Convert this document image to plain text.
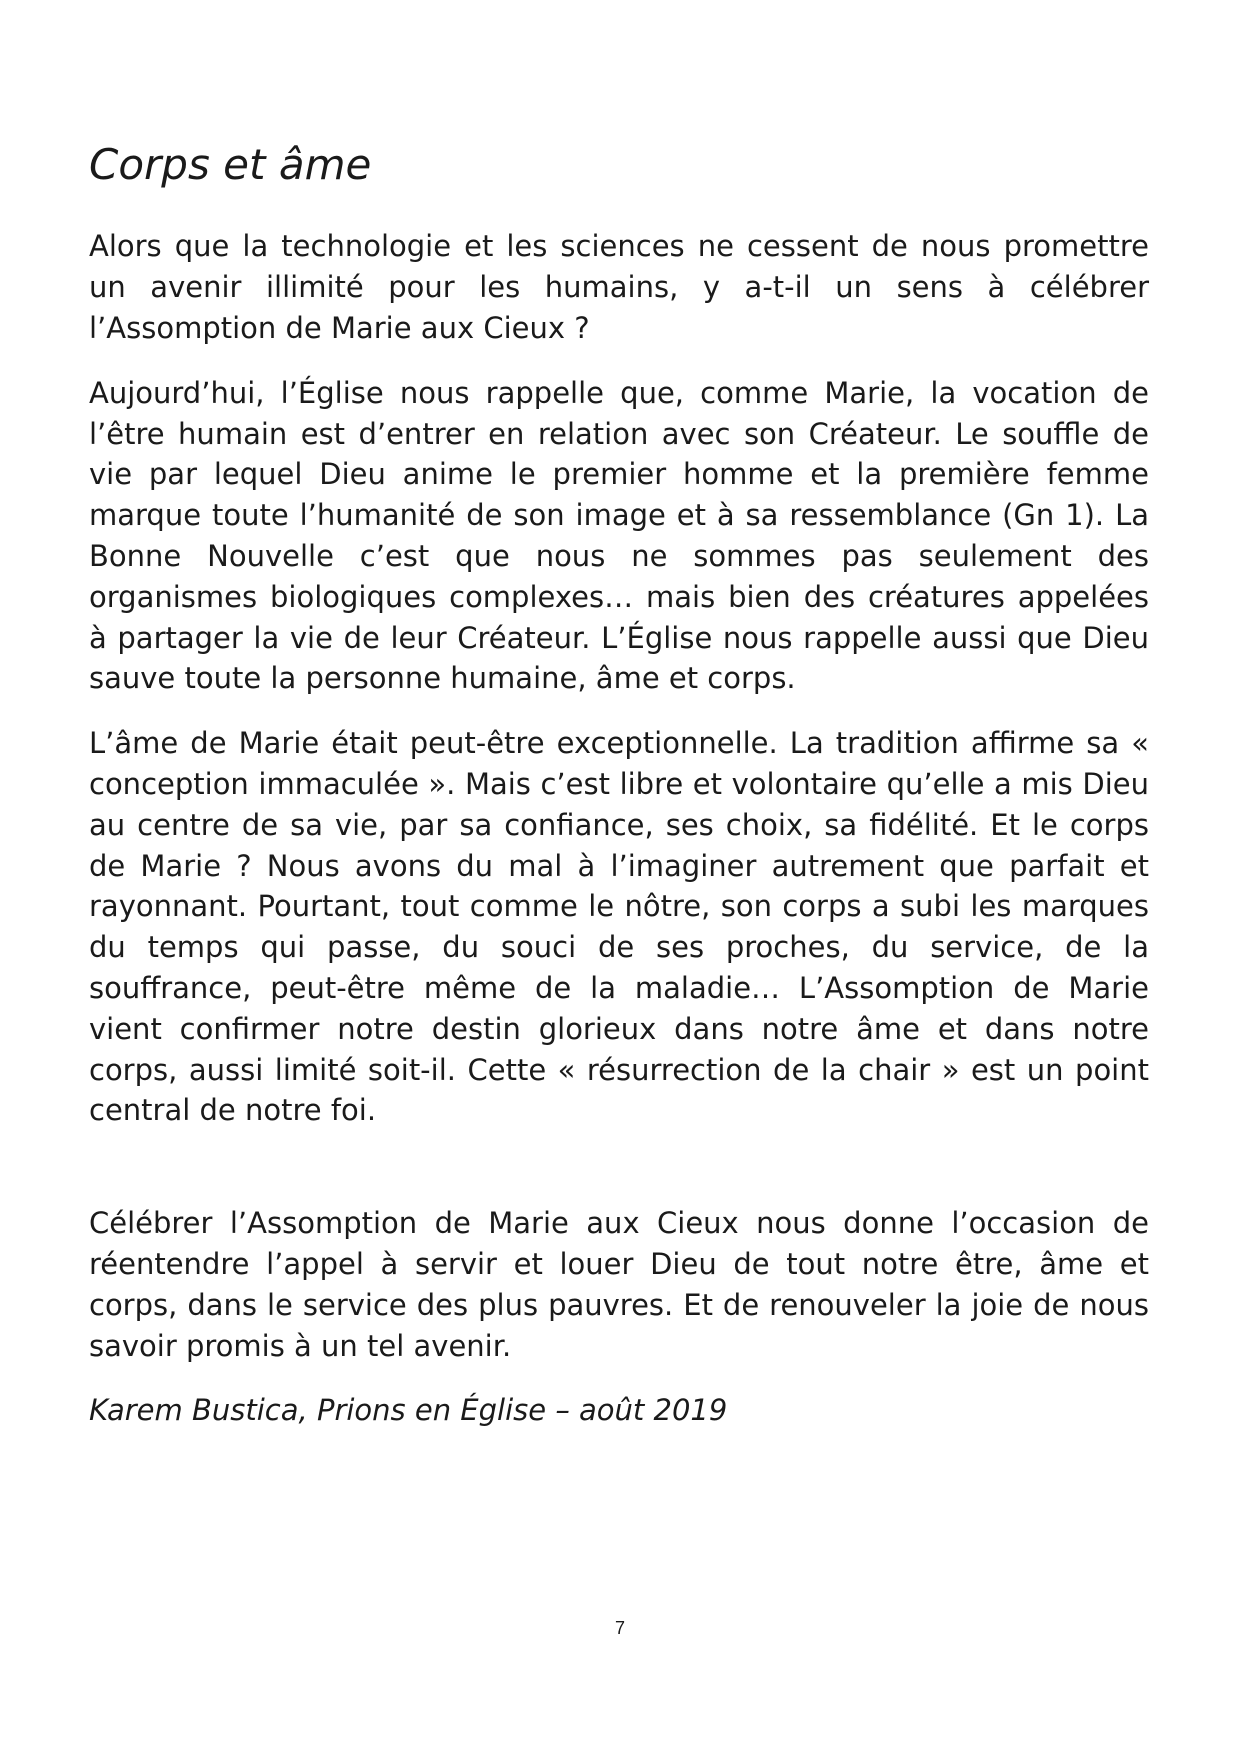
Corps et âme

Alors que la technologie et les sciences ne cessent de nous promettre un avenir illimité pour les humains, y a-t-il un sens à célébrer l’Assomption de Marie aux Cieux ?

Aujourd’hui, l’Église nous rappelle que, comme Marie, la vocation de l’être humain est d’entrer en relation avec son Créateur. Le souffle de vie par lequel Dieu anime le premier homme et la première femme marque toute l’humanité de son image et à sa ressemblance (Gn 1). La Bonne Nouvelle c’est que nous ne sommes pas seulement des organismes biologiques complexes… mais bien des créatures appelées à partager la vie de leur Créateur. L’Église nous rappelle aussi que Dieu sauve toute la personne humaine, âme et corps.

L’âme de Marie était peut-être exceptionnelle. La tradition affirme sa « conception immaculée ». Mais c’est libre et volontaire qu’elle a mis Dieu au centre de sa vie, par sa confiance, ses choix, sa fidélité. Et le corps de Marie ? Nous avons du mal à l’imaginer autrement que parfait et rayonnant. Pourtant, tout comme le nôtre, son corps a subi les marques du temps qui passe, du souci de ses proches, du service, de la souffrance, peut-être même de la maladie… L’Assomption de Marie vient confirmer notre destin glorieux dans notre âme et dans notre corps, aussi limité soit-il. Cette « résurrection de la chair » est un point central de notre foi.

Célébrer l’Assomption de Marie aux Cieux nous donne l’occasion de réentendre l’appel à servir et louer Dieu de tout notre être, âme et corps, dans le service des plus pauvres. Et de renouveler la joie de nous savoir promis à un tel avenir.

Karem Bustica, Prions en Église – août 2019

7
